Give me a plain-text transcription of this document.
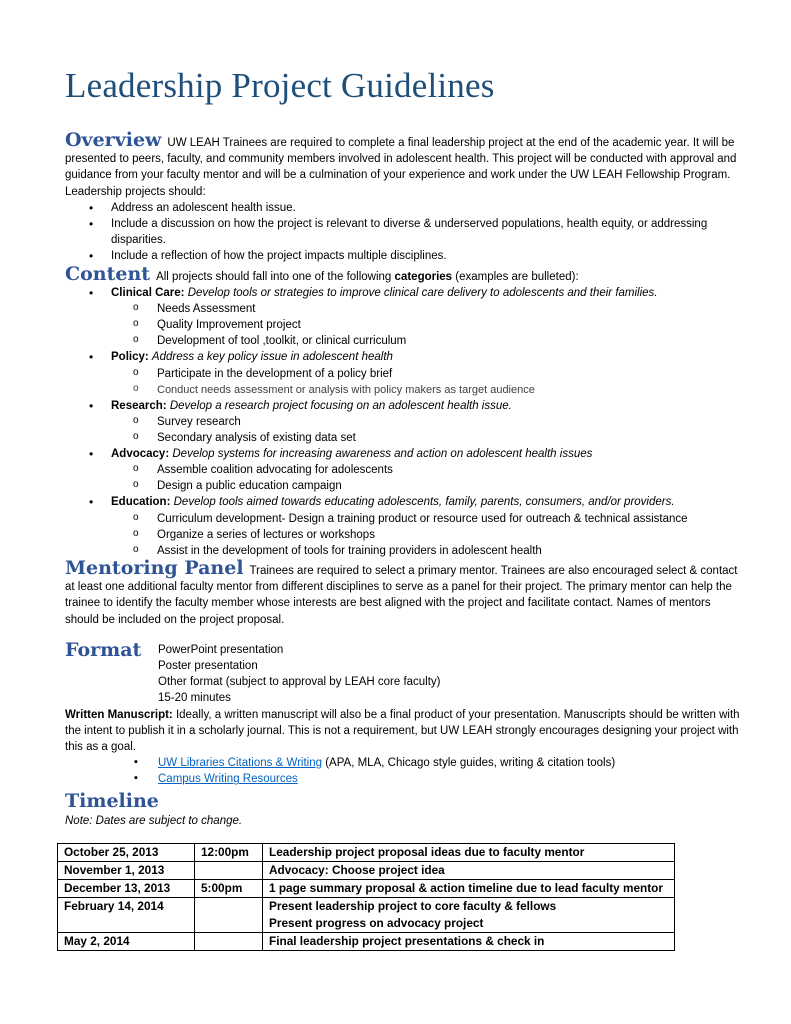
Leadership Project Guidelines

Overview UW LEAH Trainees are required to complete a final leadership project at the end of the academic year. It will be presented to peers, faculty, and community members involved in adolescent health. This project will be conducted with approval and guidance from your faculty mentor and will be a culmination of your experience and work under the UW LEAH Fellowship Program. Leadership projects should:

• Address an adolescent health issue.
• Include a discussion on how the project is relevant to diverse & underserved populations, health equity, or addressing disparities.
• Include a reflection of how the project impacts multiple disciplines.

Content All projects should fall into one of the following categories (examples are bulleted):

• Clinical Care: Develop tools or strategies to improve clinical care delivery to adolescents and their families.
o Needs Assessment
o Quality Improvement project
o Development of tool ,toolkit, or clinical curriculum
• Policy: Address a key policy issue in adolescent health
o Participate in the development of a policy brief
o Conduct needs assessment or analysis with policy makers as target audience
• Research: Develop a research project focusing on an adolescent health issue.
o Survey research
o Secondary analysis of existing data set
• Advocacy: Develop systems for increasing awareness and action on adolescent health issues
o Assemble coalition advocating for adolescents
o Design a public education campaign
• Education: Develop tools aimed towards educating adolescents, family, parents, consumers, and/or providers.
o Curriculum development- Design a training product or resource used for outreach & technical assistance
o Organize a series of lectures or workshops
o Assist in the development of tools for training providers in adolescent health

Mentoring Panel Trainees are required to select a primary mentor. Trainees are also encouraged select & contact at least one additional faculty mentor from different disciplines to serve as a panel for their project. The primary mentor can help the trainee to identify the faculty member whose interests are best aligned with the project and facilitate contact. Names of mentors should be included on the project proposal.

Format	PowerPoint presentation
Poster presentation
Other format (subject to approval by LEAH core faculty)
15-20 minutes

Written Manuscript: Ideally, a written manuscript will also be a final product of your presentation. Manuscripts should be written with the intent to publish it in a scholarly journal. This is not a requirement, but UW LEAH strongly encourages designing your project with this as a goal.

▪ UW Libraries Citations & Writing (APA, MLA, Chicago style guides, writing & citation tools)
▪ Campus Writing Resources
Timeline
Note: Dates are subject to change.
October 25, 2013	12:00pm	Leadership project proposal ideas due to faculty mentor
November 1, 2013		Advocacy: Choose project idea
December 13, 2013	5:00pm	1 page summary proposal & action timeline due to lead faculty mentor
February 14, 2014		Present leadership project to core faculty & fellows
Present progress on advocacy project

May 2, 2014		Final leadership project presentations & check in
